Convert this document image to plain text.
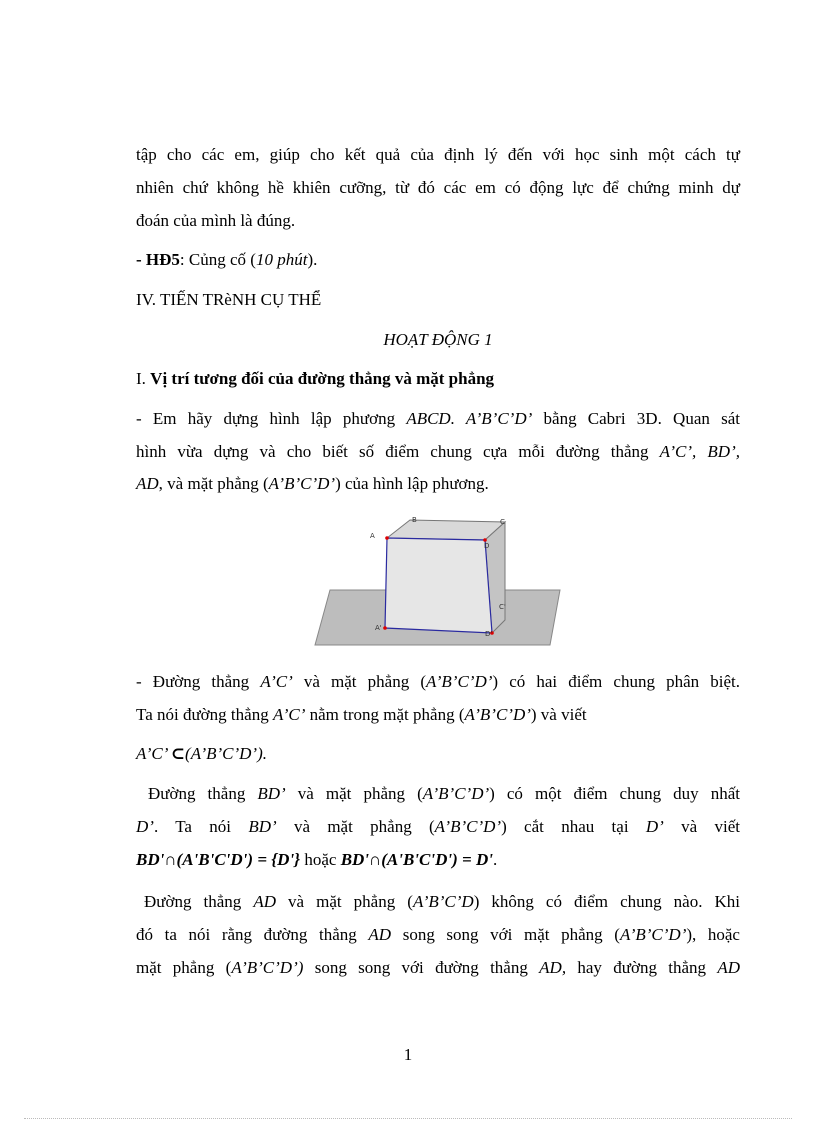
tập cho các em, giúp cho kết quả của định lý đến với học sinh một cách tự
nhiên chứ không hề khiên cưỡng, từ đó các em có động lực để chứng minh dự
đoán của mình là đúng.
- HĐ5: Củng cố (10 phút).
IV. TIẾN TRèNH CỤ THỂ
HOẠT ĐỘNG 1
I. Vị trí tương đối của đường thẳng và mặt phẳng
- Em hãy dựng hình lập phương ABCD. A’B’C’D’ bằng Cabri 3D. Quan sát
hình vừa dựng và cho biết số điểm chung cựa mỗi đường thẳng A’C’, BD’,
AD, và mặt phẳng (A’B’C’D’) của hình lập phương.
A
B	C
D
A'
C'
D'
- Đường thẳng A’C’ và mặt phẳng (A’B’C’D’) có hai điểm chung phân biệt.
Ta nói đường thẳng A’C’ nằm trong mặt phẳng (A’B’C’D’) và viết
A’C’ ⊂(A’B’C’D’).
Đường thẳng BD’ và mặt phẳng (A’B’C’D’) có một điểm chung duy nhất
D’. Ta nói BD’ và mặt phẳng (A’B’C’D’) cắt nhau tại D’ và viết
BD'∩(A'B'C'D') = {D'} hoặc BD'∩(A'B'C'D') = D'.
Đường thẳng AD và mặt phẳng (A’B’C’D) không có điểm chung nào. Khi
đó ta nói rằng đường thẳng AD song song với mặt phẳng (A’B’C’D’), hoặc
mặt phẳng (A’B’C’D’) song song với đường thẳng AD, hay đường thẳng AD
1
